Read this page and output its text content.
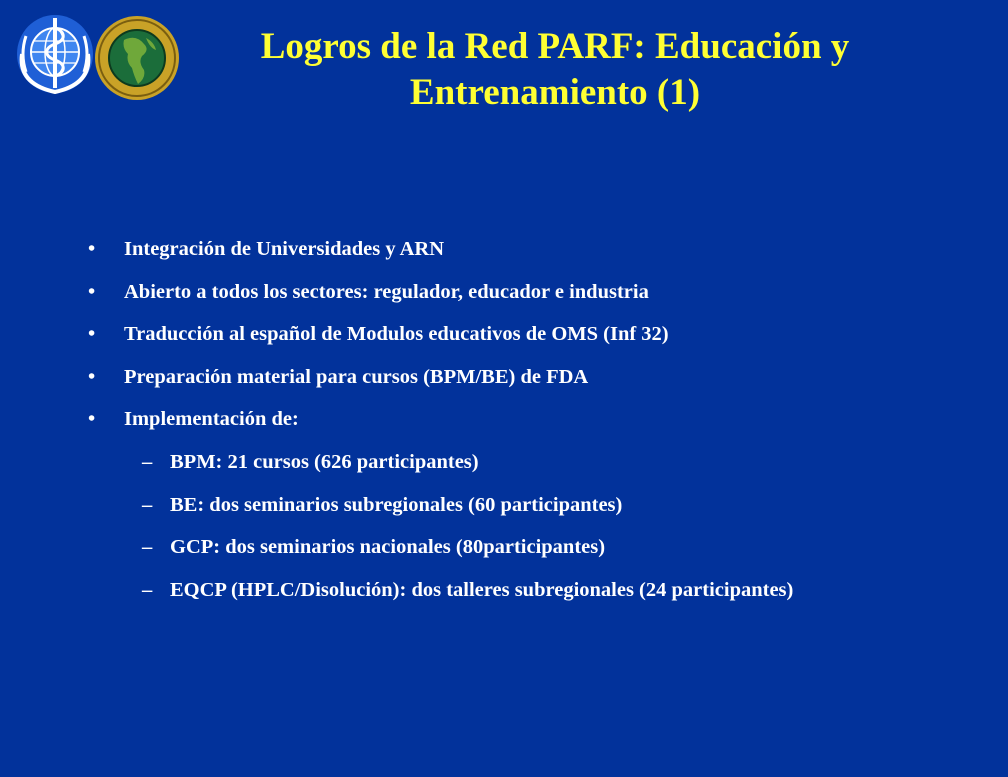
Logros de la Red PARF: Educación y
Entrenamiento (1)
• Integración de Universidades y ARN
• Abierto a todos los sectores: regulador, educador e industria
• Traducción al español de Modulos educativos de OMS (Inf 32)
• Preparación material para cursos (BPM/BE) de FDA
• Implementación de:
– BPM: 21 cursos (626 participantes)
– BE: dos seminarios subregionales (60 participantes)
– GCP: dos seminarios nacionales (80participantes)
– EQCP (HPLC/Disolución): dos talleres subregionales (24 participantes)
